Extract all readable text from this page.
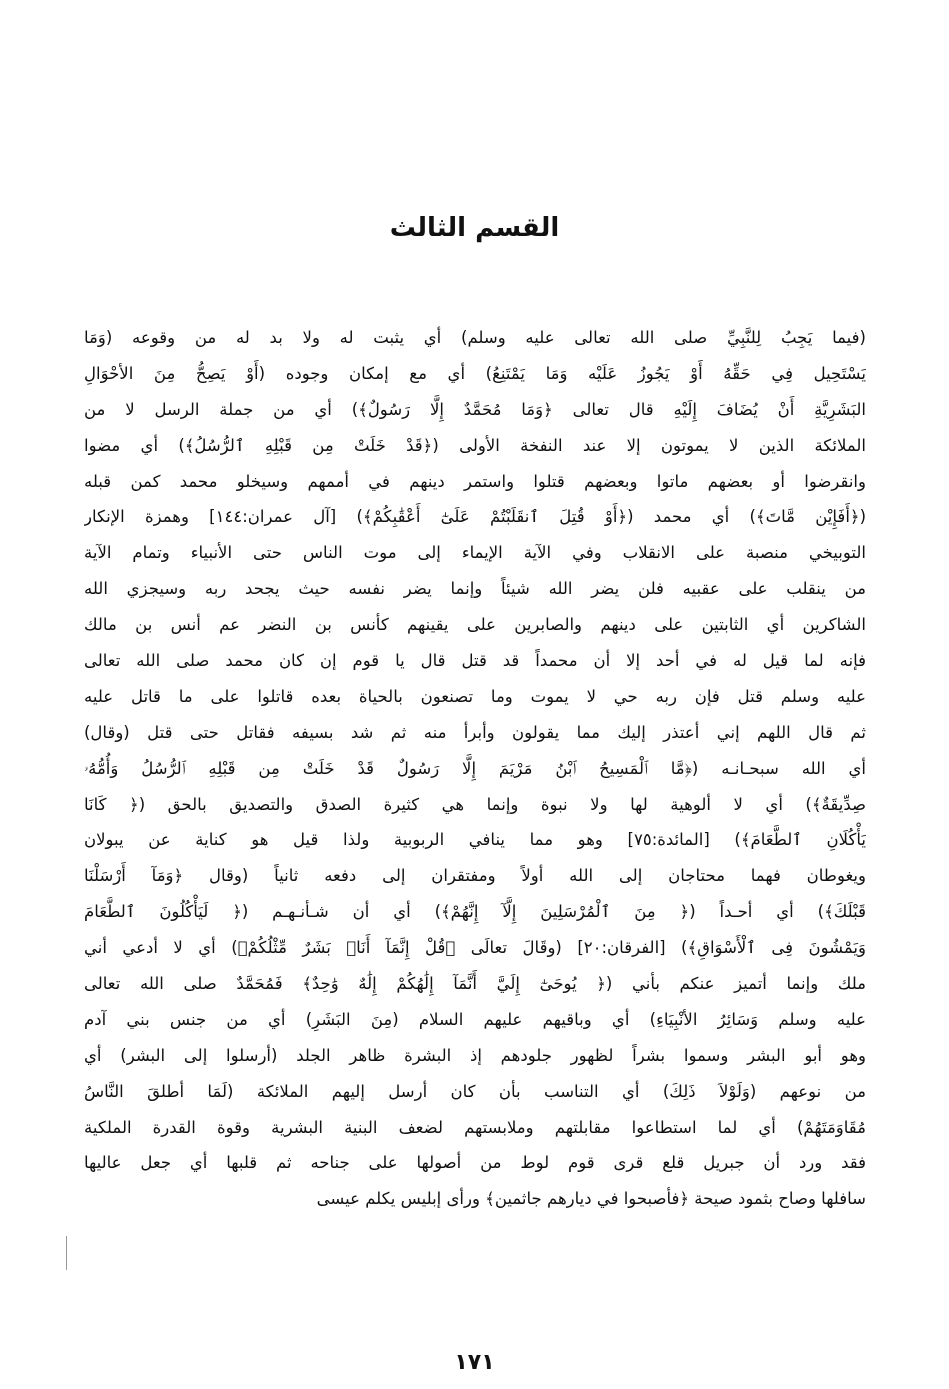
القسم الثالث
(فيما يَجِبُ لِلنَّبِيِّ صلى الله تعالى عليه وسلم) أي يثبت له ولا بد له من وقوعه (وَمَا
يَسْتَحِيل فِي حَقِّهُ أَوْ يَجُوزُ عَلَيْه وَمَا يَمْتَنِعُ) أي مع إمكان وجوده (أَوْ يَصِحُّ مِنَ الأحْوَالِ
البَشَرِيَّةِ أَنْ يُضَافَ إِلَيْهِ قال تعالى ﴿وَمَا مُحَمَّدٌ إِلَّا رَسُولٌ﴾) أي من جملة الرسل لا من
الملائكة الذين لا يموتون إلا عند النفخة الأولى (﴿قَدْ خَلَتْ مِن قَبْلِهِ ٱلرُّسُلُ﴾) أي مضوا
وانقرضوا أو بعضهم ماتوا وبعضهم قتلوا واستمر دينهم في أممهم وسيخلو محمد كمن قبله
(﴿أَفَإِيْن مَّاتَ﴾) أي محمد (﴿أَوْ قُتِلَ ٱنقَلَبْتُمْ عَلَىٰٓ أَعْقَٰبِكُمْ﴾) [آل عمران:١٤٤] وهمزة الإنكار
التوبيخي منصبة على الانقلاب وفي الآية الإيماء إلى موت الناس حتى الأنبياء وتمام الآية
من ينقلب على عقبيه فلن يضر الله شيئاً وإنما يضر نفسه حيث يجحد ربه وسيجزي الله
الشاكرين أي الثابتين على دينهم والصابرين على يقينهم كأنس بن النضر عم أنس بن مالك
فإنه لما قيل له في أحد إلا أن محمداً قد قتل قال يا قوم إن كان محمد صلى الله تعالى
عليه وسلم قتل فإن ربه حي لا يموت وما تصنعون بالحياة بعده قاتلوا على ما قاتل عليه
ثم قال اللهم إني أعتذر إليك مما يقولون وأبرأ منه ثم شد بسيفه فقاتل حتى قتل (وقال)
أي الله سبحـانـه (﴿مَّا ٱلْمَسِيحُ ٱبْنُ مَرْيَمَ إِلَّا رَسُولٌ قَدْ خَلَتْ مِن قَبْلِهِ ٱلرُّسُلُ وَأُمُّهُۥ
صِدِّيقَةٌ﴾) أي لا ألوهية لها ولا نبوة وإنما هي كثيرة الصدق والتصديق بالحق (﴿ كَانَا
يَأْكُلَانِ ٱلطَّعَامَ﴾) [المائدة:٧٥] وهو مما ينافي الربوبية ولذا قيل هو كناية عن يبولان
ويغوطان فهما محتاجان إلى الله أولاً ومفتقران إلى دفعه ثانياً (وقال ﴿وَمَآ أَرْسَلْنَا
قَبْلَكَ﴾) أي أحـداً (﴿ مِنَ ٱلْمُرْسَلِينَ إِلَّآ إِنَّهُمْ﴾) أي أن شـأنـهـم (﴿ لَيَأْكُلُونَ ٱلطَّعَامَ
وَيَمْشُونَ فِى ٱلْأَسْوَاقِ﴾) [الفرقان:٢٠] (وقَالَ تعالَى ﴿قُلْ إِنَّمَآ أَنَا۠ بَشَرٌ مِّثْلُكُمْ﴾) أي لا أدعي أني
ملك وإنما أتميز عنكم بأني (﴿ يُوحَىٰٓ إِلَيَّ أَنَّمَآ إِلَٰهُكُمْ إِلَٰهٌ وَٰحِدٌ﴾ فَمُحَمَّدٌ صلى الله تعالى
عليه وسلم وَسَائِرُ الأنْبِيَاءِ) أي وباقيهم عليهم السلام (مِنَ البَشَرِ) أي من جنس بني آدم
وهو أبو البشر وسموا بشراً لظهور جلودهم إذ البشرة ظاهر الجلد (أرسلوا إلى البشر) أي
من نوعهم (وَلَوْلاَ ذَلِكَ) أي التناسب بأن كان أرسل إليهم الملائكة (لَمَا أطلقَ النَّاسُ
مُقَاوَمَتَهُمْ) أي لما استطاعوا مقابلتهم وملابستهم لضعف البنية البشرية وقوة القدرة الملكية
فقد ورد أن جبريل قلع قرى قوم لوط من أصولها على جناحه ثم قلبها أي جعل عاليها
سافلها وصاح بثمود صيحة ﴿فأصبحوا في ديارهم جاثمين﴾ ورأى إبليس يكلم عيسى
١٧١
